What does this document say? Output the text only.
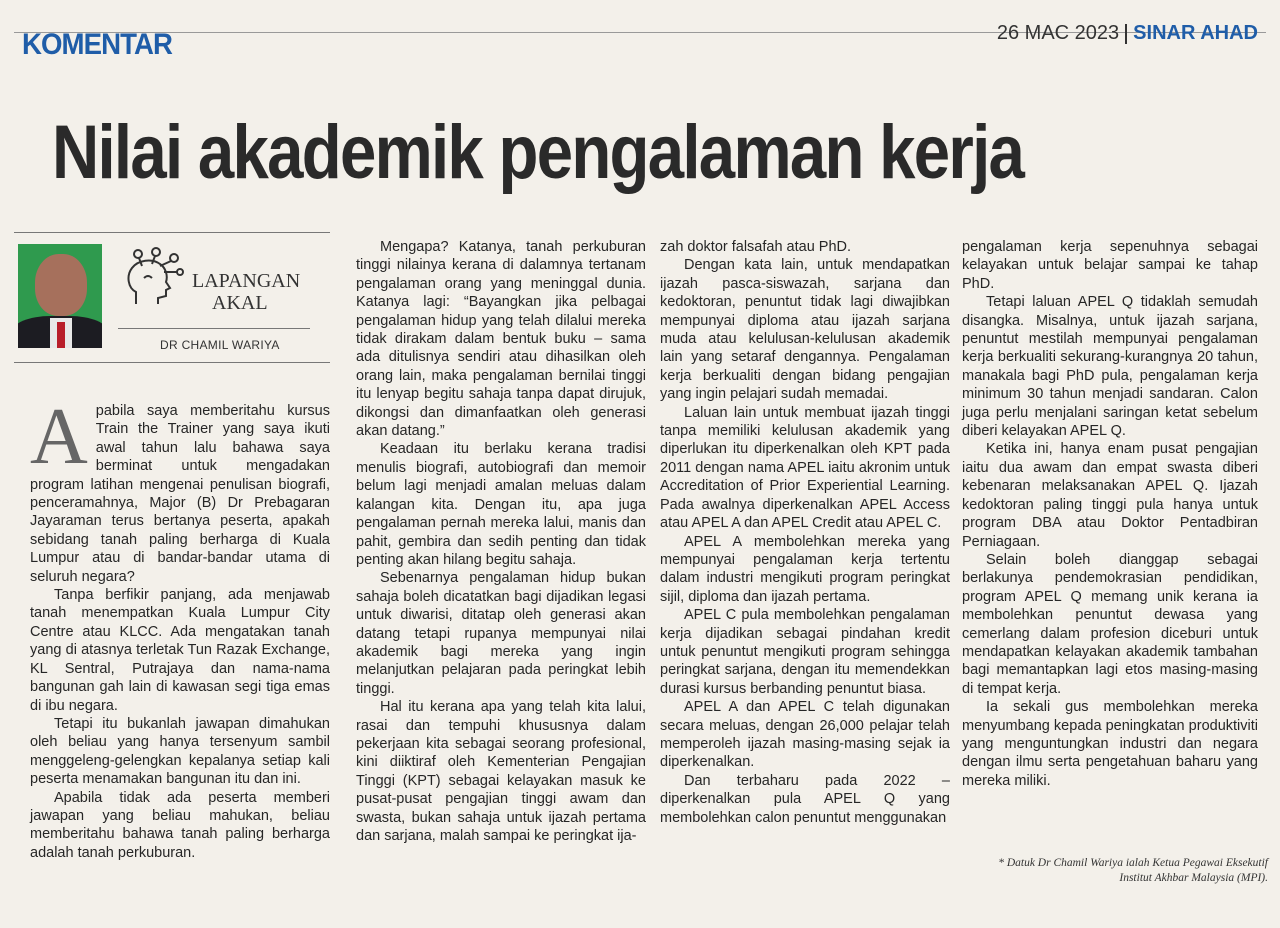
KOMENTAR	26 MAC 2023 SINAR AHAD
Nilai akademik pengalaman kerja
LAPANGAN
AKAL
DR CHAMIL WARIYA

Apabila saya memberitahu kursus Train the Trainer yang saya ikuti awal tahun lalu bahawa saya berminat untuk mengadakan program latihan mengenai penulisan biografi, penceramahnya, Major (B) Dr Prebagaran Jayaraman terus bertanya peserta, apakah sebidang tanah paling berharga di Kuala Lumpur atau di bandar-bandar utama di seluruh negara?

Tanpa berfikir panjang, ada menjawab tanah menempatkan Kuala Lumpur City Centre atau KLCC. Ada mengatakan tanah yang di atasnya terletak Tun Razak Exchange, KL Sentral, Putrajaya dan nama-nama bangunan gah lain di kawasan segi tiga emas di ibu negara.

Tetapi itu bukanlah jawapan dimahukan oleh beliau yang hanya tersenyum sambil menggeleng-gelengkan kepalanya setiap kali peserta menamakan bangunan itu dan ini.

Apabila tidak ada peserta memberi jawapan yang beliau mahukan, beliau memberitahu bahawa tanah paling berharga adalah tanah perkuburan.

Mengapa? Katanya, tanah perkuburan tinggi nilainya kerana di dalamnya tertanam pengalaman orang yang meninggal dunia. Katanya lagi: “Bayangkan jika pelbagai pengalaman hidup yang telah dilalui mereka tidak dirakam dalam bentuk buku – sama ada ditulisnya sendiri atau dihasilkan oleh orang lain, maka pengalaman bernilai tinggi itu lenyap begitu sahaja tanpa dapat dirujuk, dikongsi dan dimanfaatkan oleh generasi akan datang.”

Keadaan itu berlaku kerana tradisi menulis biografi, autobiografi dan memoir belum lagi menjadi amalan meluas dalam kalangan kita. Dengan itu, apa juga pengalaman pernah mereka lalui, manis dan pahit, gembira dan sedih penting dan tidak penting akan hilang begitu sahaja.

Sebenarnya pengalaman hidup bukan sahaja boleh dicatatkan bagi dijadikan legasi untuk diwarisi, ditatap oleh generasi akan datang tetapi rupanya mempunyai nilai akademik bagi mereka yang ingin melanjutkan pelajaran pada peringkat lebih tinggi.

Hal itu kerana apa yang telah kita lalui, rasai dan tempuhi khususnya dalam pekerjaan kita sebagai seorang profesional, kini diiktiraf oleh Kementerian Pengajian Tinggi (KPT) sebagai kelayakan masuk ke pusat-pusat pengajian tinggi awam dan swasta, bukan sahaja untuk ijazah pertama dan sarjana, malah sampai ke peringkat ija-

zah doktor falsafah atau PhD.

Dengan kata lain, untuk mendapatkan ijazah pasca-siswazah, sarjana dan kedoktoran, penuntut tidak lagi diwajibkan mempunyai diploma atau ijazah sarjana muda atau kelulusan-kelulusan akademik lain yang setaraf dengannya. Pengalaman kerja berkualiti dengan bidang pengajian yang ingin pelajari sudah memadai.

Laluan lain untuk membuat ijazah tinggi tanpa memiliki kelulusan akademik yang diperlukan itu diperkenalkan oleh KPT pada 2011 dengan nama APEL iaitu akronim untuk Accreditation of Prior Experiential Learning. Pada awalnya diperkenalkan APEL Access atau APEL A dan APEL Credit atau APEL C.

APEL A membolehkan mereka yang mempunyai pengalaman kerja tertentu dalam industri mengikuti program peringkat sijil, diploma dan ijazah pertama.

APEL C pula membolehkan pengalaman kerja dijadikan sebagai pindahan kredit untuk penuntut mengikuti program sehingga peringkat sarjana, dengan itu memendekkan durasi kursus berbanding penuntut biasa.

APEL A dan APEL C telah digunakan secara meluas, dengan 26,000 pelajar telah memperoleh ijazah masing-masing sejak ia diperkenalkan.

Dan terbaharu pada 2022 – diperkenalkan pula APEL Q yang membolehkan calon penuntut menggunakan

pengalaman kerja sepenuhnya sebagai kelayakan untuk belajar sampai ke tahap PhD.

Tetapi laluan APEL Q tidaklah semudah disangka. Misalnya, untuk ijazah sarjana, penuntut mestilah mempunyai pengalaman kerja berkualiti sekurang-kurangnya 20 tahun, manakala bagi PhD pula, pengalaman kerja minimum 30 tahun menjadi sandaran. Calon juga perlu menjalani saringan ketat sebelum diberi kelayakan APEL Q.

Ketika ini, hanya enam pusat pengajian iaitu dua awam dan empat swasta diberi kebenaran melaksanakan APEL Q. Ijazah kedoktoran paling tinggi pula hanya untuk program DBA atau Doktor Pentadbiran Perniagaan.

Selain boleh dianggap sebagai berlakunya pendemokrasian pendidikan, program APEL Q memang unik kerana ia membolehkan penuntut dewasa yang cemerlang dalam profesion diceburi untuk mendapatkan kelayakan akademik tambahan bagi memantapkan lagi etos masing-masing di tempat kerja.

Ia sekali gus membolehkan mereka menyumbang kepada peningkatan produktiviti yang menguntungkan industri dan negara dengan ilmu serta pengetahuan baharu yang mereka miliki.

* Datuk Dr Chamil Wariya ialah Ketua Pegawai Eksekutif Institut Akhbar Malaysia (MPI).
